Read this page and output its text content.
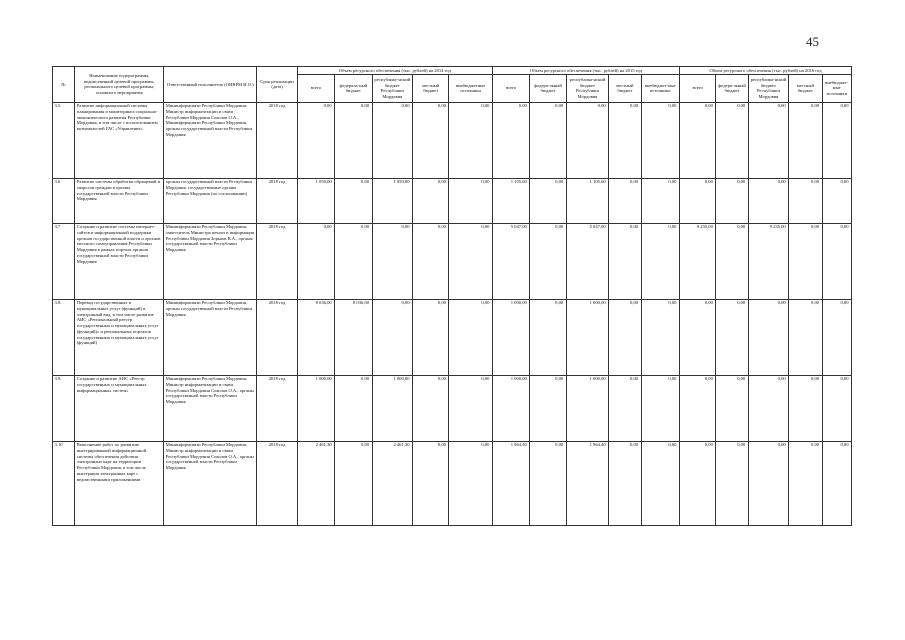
45
№	Наименование подпрограммы, ведомственной целевой программы, регионального целевой программы, основного мероприятия	Ответственный исполнитель (ОИВРМ И.О.)	Срок реализации (дата)	Объем ресурсного обеспечения (тыс. рублей) на 2014 год					Объем ресурсного обеспечения (тыс. рублей) на 2015 год					Объем ресурсного обеспечения (тыс. рублей) на 2016 год				
				всего	федераль-ный бюджет	республику-нский бюджет Республики Мордовия	местный бюджет	внебюджетные источники	всего	федера-льный бюджет	республика-нский бюджет Республики Мордовия	местный бюджет	внебюджет-ные источники	всего	федера-льный бюджет	республика-нский бюджет Республики Мордовия	местный бюджет	внебюджет-ные источники
3.5.	Развитие информационной системы планирования и мониторинга социально-экономического развития Республики Мордовия, в том числе с использованием возможностей ГАС «Управление»	Мининформсвязи Республики Мордовия, Министр информатизации и связи Республики Мордовия Соколов О.А., Мининформсвязи Республики Мордовия, органы государственной власти Республики Мордовия	2018 год	0,00	0,00	0,00	0,00	0,00	0,00	0,00	0,00	0,00	0,00	0,00	0,00	0,00	0,00	0,00
3.6	Развитие системы обработки обращений и запросов граждан в органы государственной власти Республики Мордовия	органы государственной власти Республики Мордовия, государственные органы Республики Мордовия (по согласованию)	2018 год	1 050,00	0,00	1 050,00	0,00	0,00	1 105,60	0,00	1 105,60	0,00	0,00	0,00	0,00	0,00	0,00	0,00
3.7	Создание и развитие системы интернет-сайтов и информационной поддержки органов государственной власти и органов местного самоуправления Республики Мордовия в рамках портала органов государственной власти Республики Мордовия	Мининформсвязи Республики Мордовия, заместитель Министра печати и информации Республики Мордовия Зорьков В.А., органы государственной власти Республики Мордовия	2018 год	0,00	0,00	0,00	0,00	0,00	5 047,00	0,00	5 047,00	0,00	0,00	9 235,00	0,00	9 235,00	0,00	0,00
3.8.	Перевод государственных и муниципальных услуг (функций) в электронный вид, в том числе развитие АИС «Региональный реестр государственных и муниципальных услуг (функций)» и региональных порталов государственных и муниципальных услуг (функций)	Мининформсвязи Республики Мордовия, органы государственной власти Республики Мордовия	2018 год	8 036,00	8 036,00	0,00	0,00	0,00	1 000,00	0,00	1 000,00	0,00	0,00	0,00	0,00	0,00	0,00	0,00
3.9.	Создание и развитие АИС «Реестр государственных и муниципальных информационных систем»	Мининформсвязи Республики Мордовия, Министр информатизации и связи Республики Мордовия Соколов О.А., органы государственной власти Республики Мордовия	2018 год	1 000,00	0,00	1 000,00	0,00	0,00	1 000,00	0,00	1 000,00	0,00	0,00	0,00	0,00	0,00	0,00	0,00
3.10	Выполнение работ по развитию интегрированной информационной системы обеспечения действия электронных карт на территории Республики Мордовия, в том числе интеграция электронных карт с ведомственными приложениями	Мининформсвязи Республики Мордовия, Министр информатизации и связи Республики Мордовия Соколов О.А., органы государственной власти Республики Мордовия	2018 год	2 461,30	0,00	2 461,30	0,00	0,00	1 964,40	0,00	1 964,40	0,00	0,00	0,00	0,00	0,00	0,00	0,00
